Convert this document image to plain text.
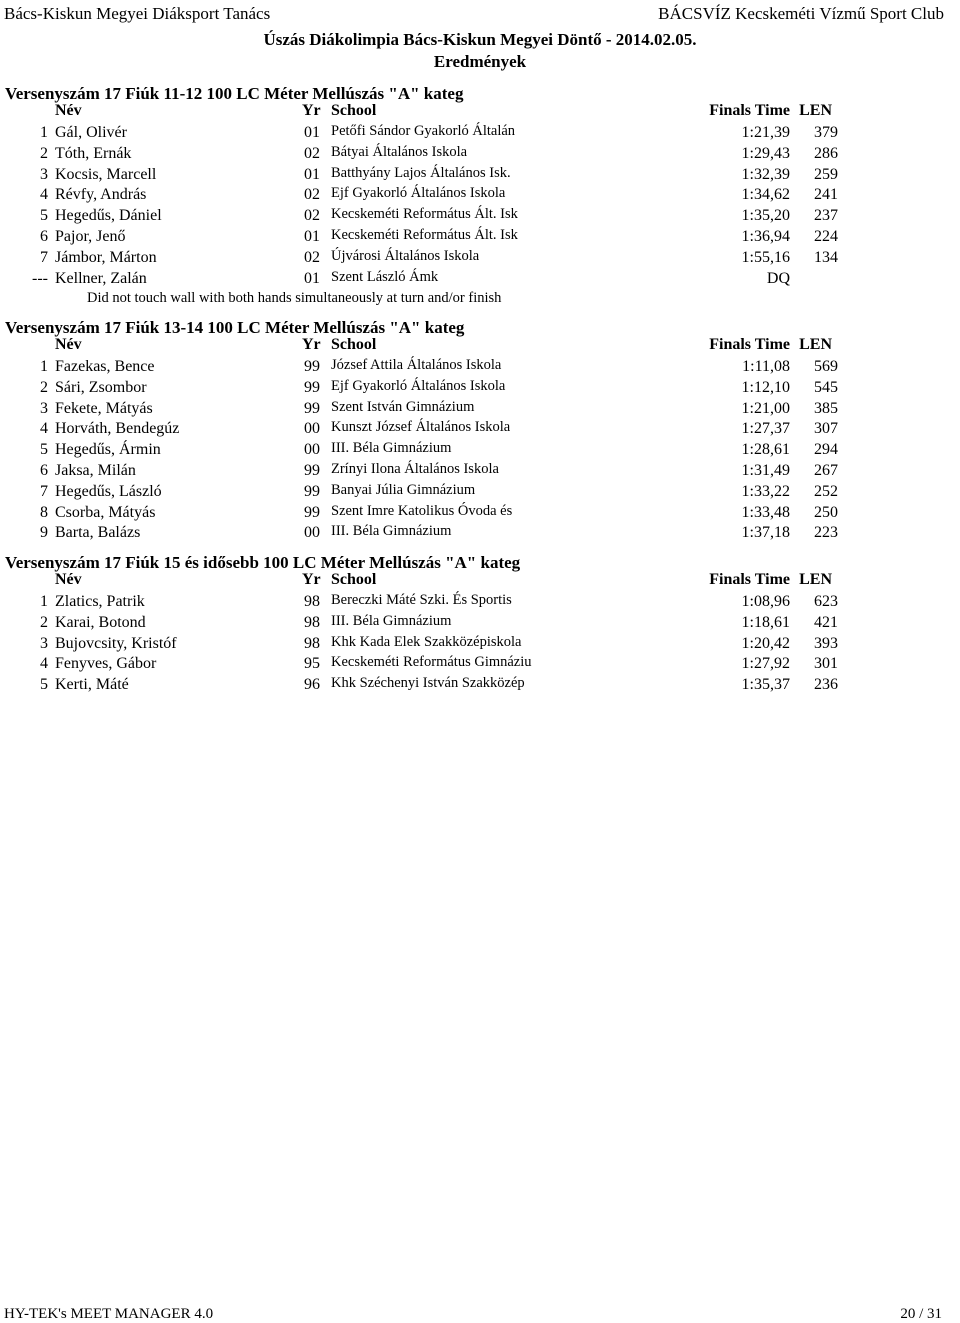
Bács-Kiskun Megyei Diáksport Tanács	BÁCSVÍZ Kecskeméti Vízmű Sport Club
Úszás Diákolimpia Bács-Kiskun Megyei Döntő - 2014.02.05.
Eredmények
Versenyszám 17 Fiúk 11-12 100 LC Méter Mellúszás "A" kateg
Név	Yr School	Finals Time LEN
1 Gál, Olivér	01 Petőfi Sándor Gyakorló Általán	1:21,39 379
2 Tóth, Ernák	02 Bátyai Általános Iskola	1:29,43 286
3 Kocsis, Marcell	01 Batthyány Lajos Általános Isk.	1:32,39 259
4 Révfy, András	02 Ejf Gyakorló Általános Iskola	1:34,62 241
5 Hegedűs, Dániel	02 Kecskeméti Református Ált. Isk	1:35,20 237
6 Pajor, Jenő	01 Kecskeméti Református Ált. Isk	1:36,94 224
7 Jámbor, Márton	02 Újvárosi Általános Iskola	1:55,16 134
--- Kellner, Zalán	01 Szent László Ámk	DQ
Did not touch wall with both hands simultaneously at turn and/or finish
Versenyszám 17 Fiúk 13-14 100 LC Méter Mellúszás "A" kateg
Név	Yr School	Finals Time LEN
1 Fazekas, Bence	99 József Attila Általános Iskola	1:11,08 569
2 Sári, Zsombor	99 Ejf Gyakorló Általános Iskola	1:12,10 545
3 Fekete, Mátyás	99 Szent István Gimnázium	1:21,00 385
4 Horváth, Bendegúz	00 Kunszt József Általános Iskola	1:27,37 307
5 Hegedűs, Ármin	00 III. Béla Gimnázium	1:28,61 294
6 Jaksa, Milán	99 Zrínyi Ilona Általános Iskola	1:31,49 267
7 Hegedűs, László	99 Banyai Júlia Gimnázium	1:33,22 252
8 Csorba, Mátyás	99 Szent Imre Katolikus Óvoda és	1:33,48 250
9 Barta, Balázs	00 III. Béla Gimnázium	1:37,18 223
Versenyszám 17 Fiúk 15 és idősebb 100 LC Méter Mellúszás "A" kateg
Név	Yr School	Finals Time LEN
1 Zlatics, Patrik	98 Bereczki Máté Szki. És Sportis	1:08,96 623
2 Karai, Botond	98 III. Béla Gimnázium	1:18,61 421
3 Bujovcsity, Kristóf	98 Khk Kada Elek Szakközépiskola	1:20,42 393
4 Fenyves, Gábor	95 Kecskeméti Református Gimnáziu	1:27,92 301
5 Kerti, Máté	96 Khk Széchenyi István Szakközép	1:35,37 236
HY-TEK's MEET MANAGER 4.0	20 / 31
